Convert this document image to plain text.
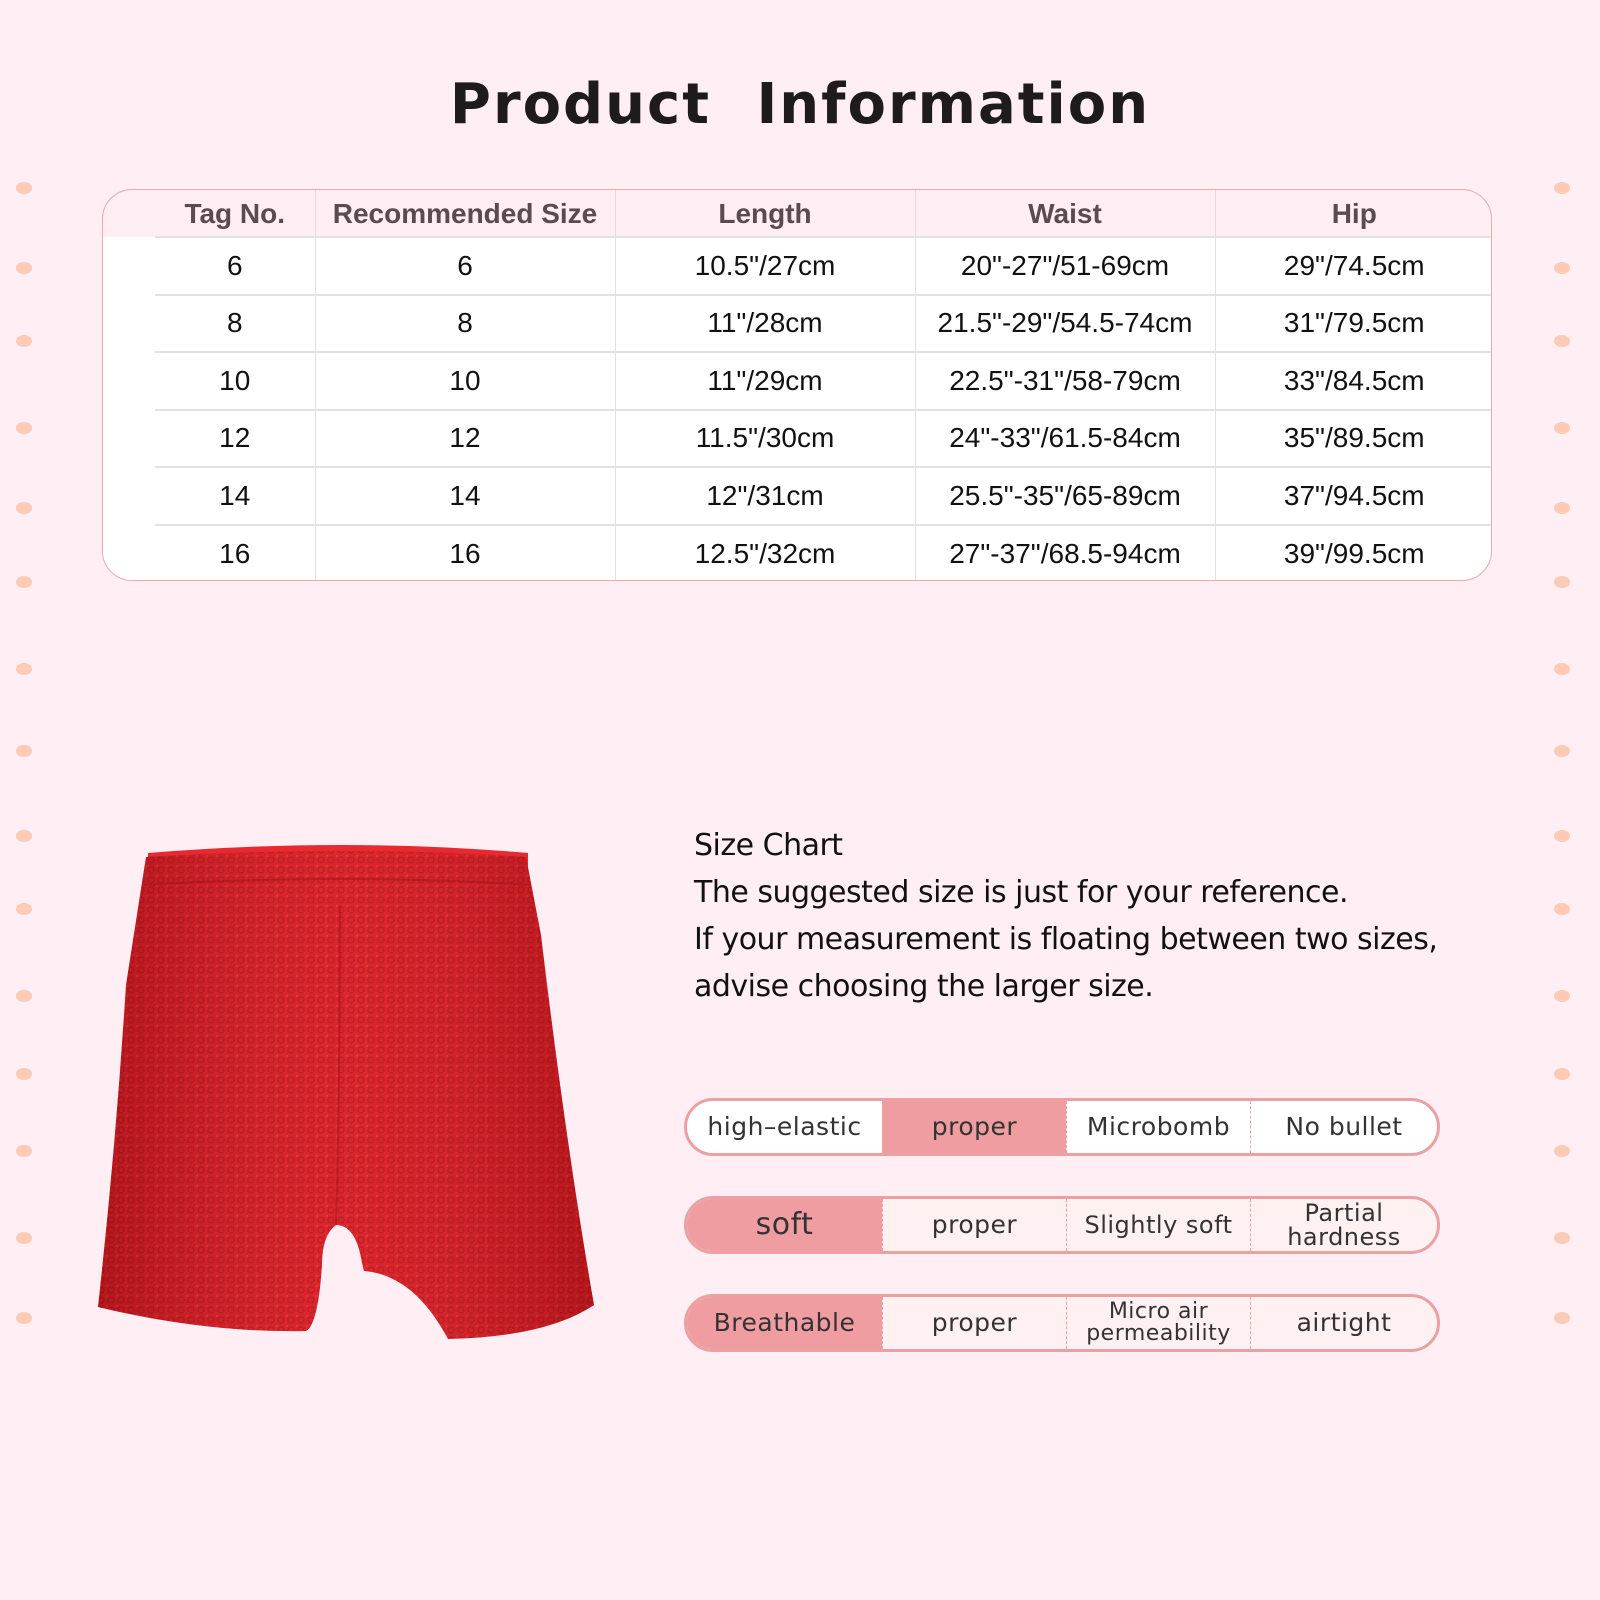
Product Information
Tag No.	Recommended Size	Length	Waist	Hip
6	6	10.5"/27cm	20"-27"/51-69cm	29"/74.5cm
8	8	11"/28cm	21.5"-29"/54.5-74cm	31"/79.5cm
10	10	11"/29cm	22.5"-31"/58-79cm	33"/84.5cm
12	12	11.5"/30cm	24"-33"/61.5-84cm	35"/89.5cm
14	14	12"/31cm	25.5"-35"/65-89cm	37"/94.5cm
16	16	12.5"/32cm	27"-37"/68.5-94cm	39"/99.5cm
Size Chart
The suggested size is just for your reference.
If your measurement is floating between two sizes,
advise choosing the larger size.
high–elastic	proper	Microbomb	No bullet
soft	proper	Slightly soft	Partial hardness
Breathable	proper	Micro air permeability	airtight
